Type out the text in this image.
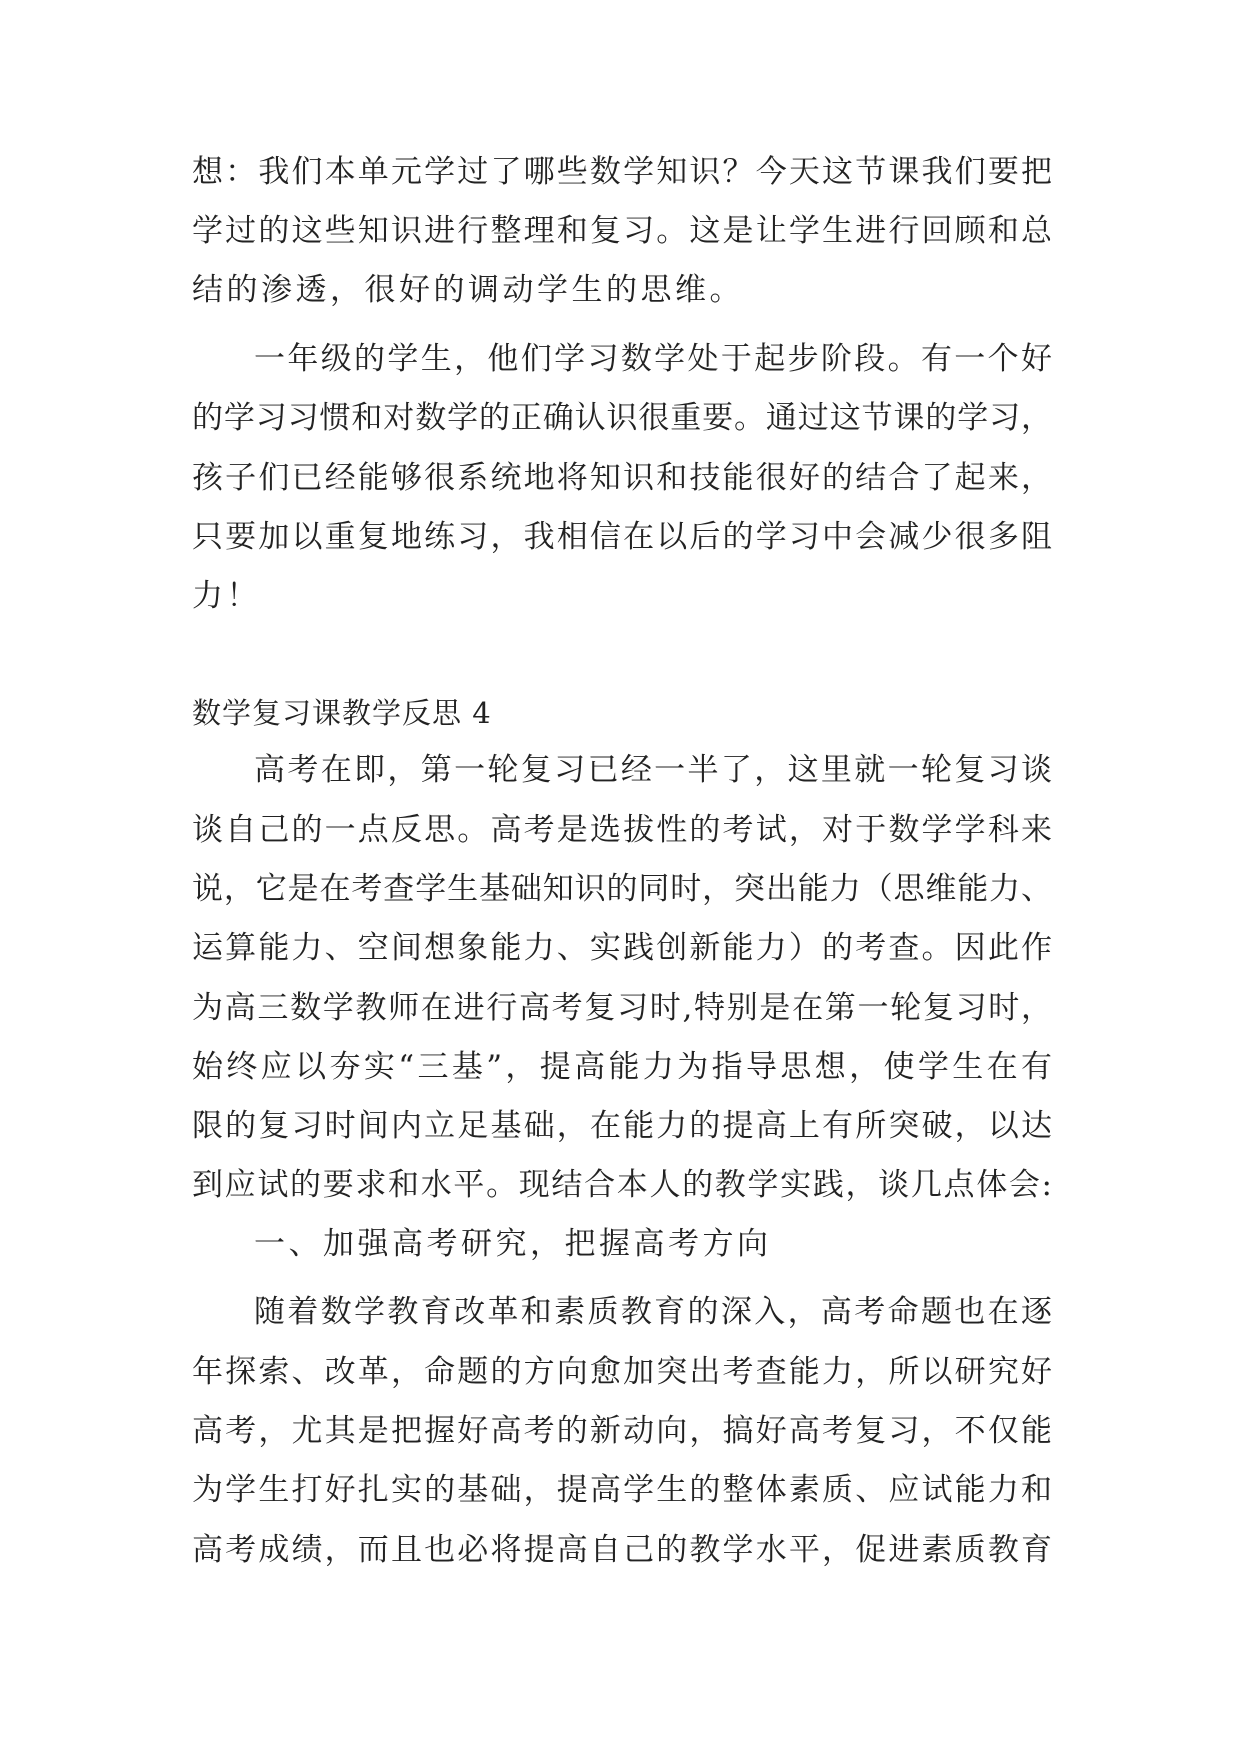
想：我们本单元学过了哪些数学知识？今天这节课我们要把
学过的这些知识进行整理和复习。这是让学生进行回顾和总
结的渗透，很好的调动学生的思维。
一年级的学生，他们学习数学处于起步阶段。有一个好
的学习习惯和对数学的正确认识很重要。通过这节课的学习，
孩子们已经能够很系统地将知识和技能很好的结合了起来，
只要加以重复地练习，我相信在以后的学习中会减少很多阻
力！
数学复习课教学反思 4
高考在即，第一轮复习已经一半了，这里就一轮复习谈
谈自己的一点反思。高考是选拔性的考试，对于数学学科来
说，它是在考查学生基础知识的同时，突出能力（思维能力、
运算能力、空间想象能力、实践创新能力）的考查。因此作
为高三数学教师在进行高考复习时,特别是在第一轮复习时，
始终应以夯实“三基”，提高能力为指导思想，使学生在有
限的复习时间内立足基础，在能力的提高上有所突破，以达
到应试的要求和水平。现结合本人的教学实践，谈几点体会:
一、加强高考研究，把握高考方向
随着数学教育改革和素质教育的深入，高考命题也在逐
年探索、改革，命题的方向愈加突出考查能力，所以研究好
高考，尤其是把握好高考的新动向，搞好高考复习，不仅能
为学生打好扎实的基础，提高学生的整体素质、应试能力和
高考成绩，而且也必将提高自己的教学水平，促进素质教育
